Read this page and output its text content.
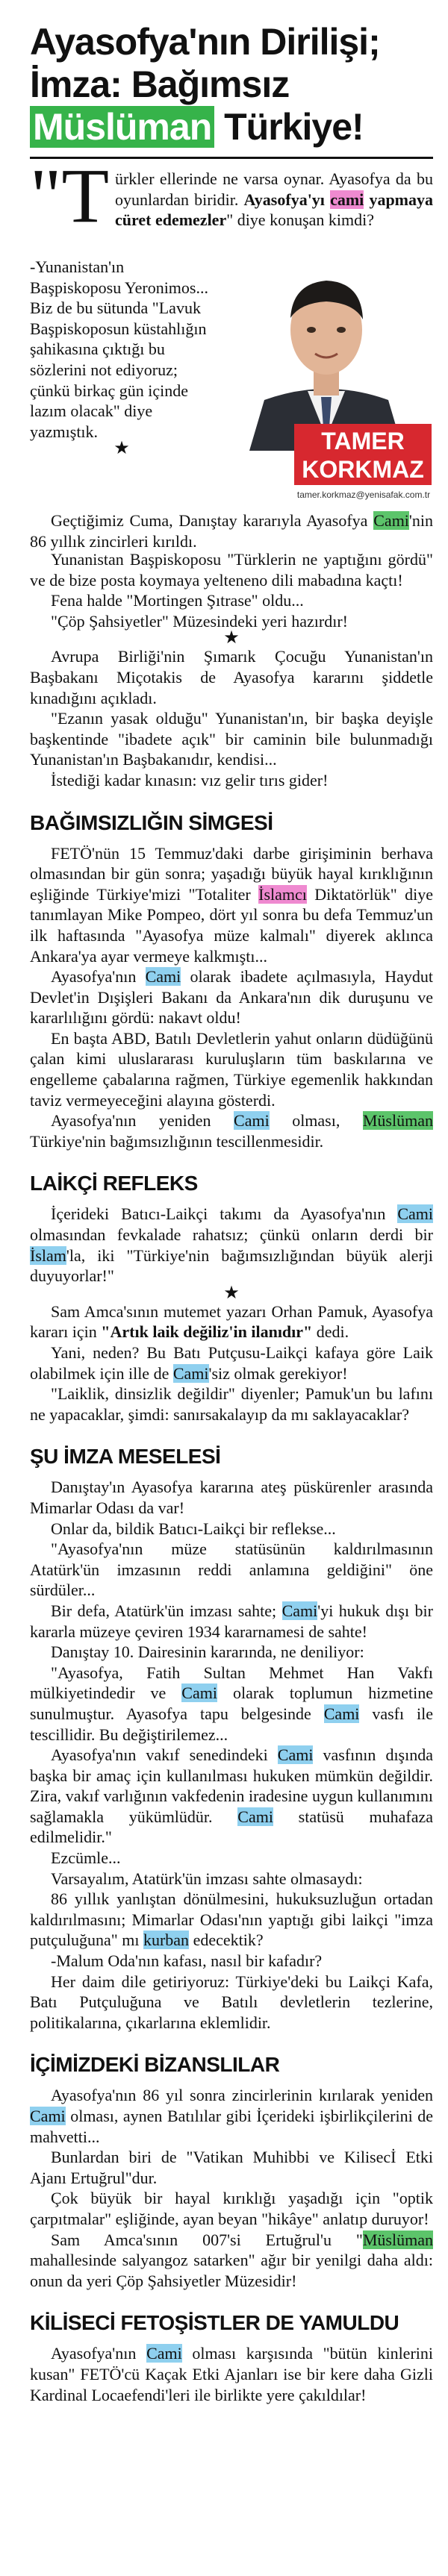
Ayasofya'nın Dirilişi;
İmza: Bağımsız
Müslüman Türkiye!

"Türkler ellerinde ne varsa oynar. Ayasofya da bu oyunlardan biridir. Ayasofya'yı cami yapmaya cüret edemezler" diye konuşan kimdi?

-Yunanistan'ın Başpiskoposu Yeronimos...

Biz de bu sütunda "Lavuk Başpiskoposun küstahlığın şahikasına çıktığı bu sözlerini not ediyoruz; çünkü birkaç gün içinde lazım olacak" diye yazmıştık.

★	TAMER
KORKMAZ
tamer.korkmaz@yenisafak.com.tr

Geçtiğimiz Cuma, Danıştay kararıyla Ayasofya Cami'nin 86 yıllık zincirleri kırıldı.

Yunanistan Başpiskoposu "Türklerin ne yaptığını gördü" ve de bize posta koymaya yelteneno dili mabadına kaçtı!

Fena halde "Mortingen Şıtrase" oldu...

"Çöp Şahsiyetler" Müzesindeki yeri hazırdır!

★

Avrupa Birliği'nin Şımarık Çocuğu Yunanistan'ın Başbakanı Miçotakis de Ayasofya kararını şiddetle kınadığını açıkladı.

"Ezanın yasak olduğu" Yunanistan'ın, bir başka deyişle başkentinde "ibadete açık" bir caminin bile bulunmadığı Yunanistan'ın Başbakanıdır, kendisi...

İstediği kadar kınasın: vız gelir tırıs gider!

BAĞIMSIZLIĞIN SİMGESİ

FETÖ'nün 15 Temmuz'daki darbe girişiminin berhava olmasından bir gün sonra; yaşadığı büyük hayal kırıklığının eşliğinde Türkiye'mizi "Totaliter İslamcı Diktatörlük" diye tanımlayan Mike Pompeo, dört yıl sonra bu defa Temmuz'un ilk haftasında "Ayasofya müze kalmalı" diyerek aklınca Ankara'ya ayar vermeye kalkmıştı...

Ayasofya'nın Cami olarak ibadete açılmasıyla, Haydut Devlet'in Dışişleri Bakanı da Ankara'nın dik duruşunu ve kararlılığını gördü: nakavt oldu!

En başta ABD, Batılı Devletlerin yahut onların düdüğünü çalan kimi uluslararası kuruluşların tüm baskılarına ve engelleme çabalarına rağmen, Türkiye egemenlik hakkından taviz vermeyeceğini alayına gösterdi.

Ayasofya'nın yeniden Cami olması, Müslüman Türkiye'nin bağımsızlığının tescillenmesidir.

LAİKÇİ REFLEKS

İçerideki Batıcı-Laikçi takımı da Ayasofya'nın Cami olmasından fevkalade rahatsız; çünkü onların derdi bir İslam'la, iki "Türkiye'nin bağımsızlığından büyük alerji duyuyorlar!"

★

Sam Amca'sının mutemet yazarı Orhan Pamuk, Ayasofya kararı için "Artık laik değiliz'in ilanıdır" dedi.

Yani, neden? Bu Batı Putçusu-Laikçi kafaya göre Laik olabilmek için ille de Cami'siz olmak gerekiyor!

"Laiklik, dinsizlik değildir" diyenler; Pamuk'un bu lafını ne yapacaklar, şimdi: sanırsakalayıp da mı saklayacaklar?

ŞU İMZA MESELESİ

Danıştay'ın Ayasofya kararına ateş püskürenler arasında Mimarlar Odası da var!

Onlar da, bildik Batıcı-Laikçi bir reflekse...

"Ayasofya'nın müze statüsünün kaldırılmasının Atatürk'ün imzasının reddi anlamına geldiğini" öne sürdüler...

Bir defa, Atatürk'ün imzası sahte; Cami'yi hukuk dışı bir kararla müzeye çeviren 1934 kararnamesi de sahte!

Danıştay 10. Dairesinin kararında, ne deniliyor:

"Ayasofya, Fatih Sultan Mehmet Han Vakfı mülkiyetindedir ve Cami olarak toplumun hizmetine sunulmuştur. Ayasofya tapu belgesinde Cami vasfı ile tescillidir. Bu değiştirilemez...

Ayasofya'nın vakıf senedindeki Cami vasfının dışında başka bir amaç için kullanılması hukuken mümkün değildir. Zira, vakıf varlığının vakfedenin iradesine uygun kullanımını sağlamakla yükümlüdür. Cami statüsü muhafaza edilmelidir."

Ezcümle...

Varsayalım, Atatürk'ün imzası sahte olmasaydı:

86 yıllık yanlıştan dönülmesini, hukuksuzluğun ortadan kaldırılmasını; Mimarlar Odası'nın yaptığı gibi laikçi "imza putçuluğuna" mı kurban edecektik?

-Malum Oda'nın kafası, nasıl bir kafadır?

Her daim dile getiriyoruz: Türkiye'deki bu Laikçi Kafa, Batı Putçuluğuna ve Batılı devletlerin tezlerine, politikalarına, çıkarlarına eklemlidir.

İÇİMİZDEKİ BİZANSLILAR

Ayasofya'nın 86 yıl sonra zincirlerinin kırılarak yeniden Cami olması, aynen Batılılar gibi İçerideki işbirlikçilerini de mahvetti...

Bunlardan biri de "Vatikan Muhibbi ve Kilisecİ Etki Ajanı Ertuğrul"dur.

Çok büyük bir hayal kırıklığı yaşadığı için "optik çarpıtmalar" eşliğinde, ayan beyan "hikâye" anlatıp duruyor!

Sam Amca'sının 007'si Ertuğrul'u "Müslüman mahallesinde salyangoz satarken" ağır bir yenilgi daha aldı: onun da yeri Çöp Şahsiyetler Müzesidir!

KİLİSECİ FETOŞİSTLER DE YAMULDU

Ayasofya'nın Cami olması karşısında "bütün kinlerini kusan" FETÖ'cü Kaçak Etki Ajanları ise bir kere daha Gizli Kardinal Locaefendi'leri ile birlikte yere çakıldılar!
